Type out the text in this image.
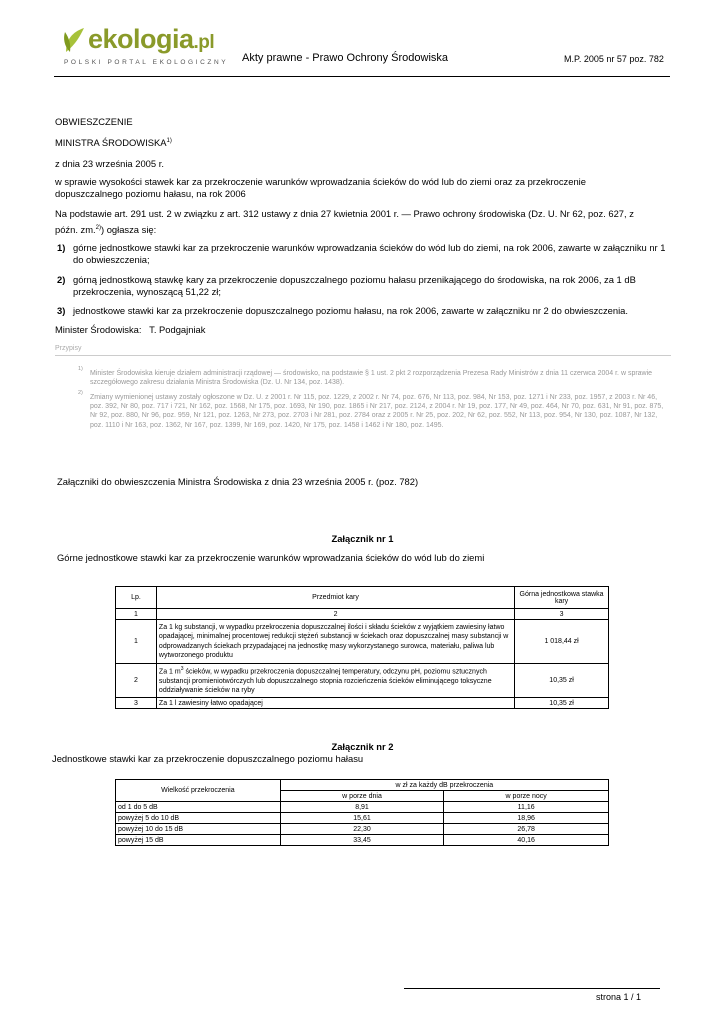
ekologia.pl
POLSKI PORTAL EKOLOGICZNY Akty prawne - Prawo Ochrony Środowiska	M.P. 2005 nr 57 poz. 782
OBWIESZCZENIE
MINISTRA ŚRODOWISKA$^{1)}$
z dnia 23 września 2005 r.
w sprawie wysokości stawek kar za przekroczenie warunków wprowadzania ścieków do wód lub do ziemi oraz za przekroczenie dopuszczalnego poziomu hałasu, na rok 2006
Na podstawie art. 291 ust. 2 w związku z art. 312 ustawy z dnia 27 kwietnia 2001 r. — Prawo ochrony środowiska (Dz. U. Nr 62, poz. 627, z
późn. zm.$^{2)}$) ogłasza się:
1) górne jednostkowe stawki kar za przekroczenie warunków wprowadzania ścieków do wód lub do ziemi, na rok 2006, zawarte w załączniku nr 1 do obwieszczenia;
2) górną jednostkową stawkę kary za przekroczenie dopuszczalnego poziomu hałasu przenikającego do środowiska, na rok 2006, za 1 dB przekroczenia, wynoszącą 51,22 zł;
3) jednostkowe stawki kar za przekroczenie dopuszczalnego poziomu hałasu, na rok 2006, zawarte w załączniku nr 2 do obwieszczenia.
Minister Środowiska:   T. Podgajniak
Przypisy
1)
Minister Środowiska kieruje działem administracji rządowej — środowisko, na podstawie § 1 ust. 2 pkt 2 rozporządzenia Prezesa Rady Ministrów z dnia 11 czerwca 2004 r. w sprawie szczegółowego zakresu działania Ministra Środowiska (Dz. U. Nr 134, poz. 1438).
2)
Zmiany wymienionej ustawy zostały ogłoszone w Dz. U. z 2001 r. Nr 115, poz. 1229, z 2002 r. Nr 74, poz. 676, Nr 113, poz. 984, Nr 153, poz. 1271 i Nr 233, poz. 1957, z 2003 r. Nr 46, poz. 392, Nr 80, poz. 717 i 721, Nr 162, poz. 1568, Nr 175, poz. 1693, Nr 190, poz. 1865 i Nr 217, poz. 2124, z 2004 r. Nr 19, poz. 177, Nr 49, poz. 464, Nr 70, poz. 631, Nr 91, poz. 875, Nr 92, poz. 880, Nr 96, poz. 959, Nr 121, poz. 1263, Nr 273, poz. 2703 i Nr 281, poz. 2784 oraz z 2005 r. Nr 25, poz. 202, Nr 62, poz. 552, Nr 113, poz. 954, Nr 130, poz. 1087, Nr 132, poz. 1110 i Nr 163, poz. 1362, Nr 167, poz. 1399, Nr 169, poz. 1420, Nr 175, poz. 1458 i 1462 i Nr 180, poz. 1495.
Załączniki do obwieszczenia Ministra Środowiska z dnia 23 września 2005 r. (poz. 782)
Załącznik nr 1
Górne jednostkowe stawki kar za przekroczenie warunków wprowadzania ścieków do wód lub do ziemi
Lp.	Przedmiot kary	Górna jednostkowa stawka kary
1	2	3
1	Za 1 kg substancji, w wypadku przekroczenia dopuszczalnej ilości i składu ścieków z wyjątkiem zawiesiny łatwo opadającej, minimalnej procentowej redukcji stężeń substancji w ściekach oraz dopuszczalnej masy substancji w odprowadzanych ściekach przypadającej na jednostkę masy wykorzystanego surowca, materiału, paliwa lub wytworzonego produktu	1 018,44 zł
2	Za 1 $m^3$ ścieków, w wypadku przekroczenia dopuszczalnej temperatury, odczynu pH, poziomu sztucznych substancji promieniotwórczych lub dopuszczalnego stopnia rozcieńczenia ścieków eliminującego toksyczne oddziaływanie ścieków na ryby	10,35 zł
3	Za 1 l zawiesiny łatwo opadającej	10,35 zł
Załącznik nr 2
Jednostkowe stawki kar za przekroczenie dopuszczalnego poziomu hałasu
Wielkość przekroczenia	w zł za każdy dB przekroczenia	
	w porze dnia	w porze nocy
od 1 do 5 dB	8,91	11,16
powyżej 5 do 10 dB	15,61	18,96
powyżej 10 do 15 dB	22,30	26,78
powyżej 15 dB	33,45	40,16
strona 1 / 1
